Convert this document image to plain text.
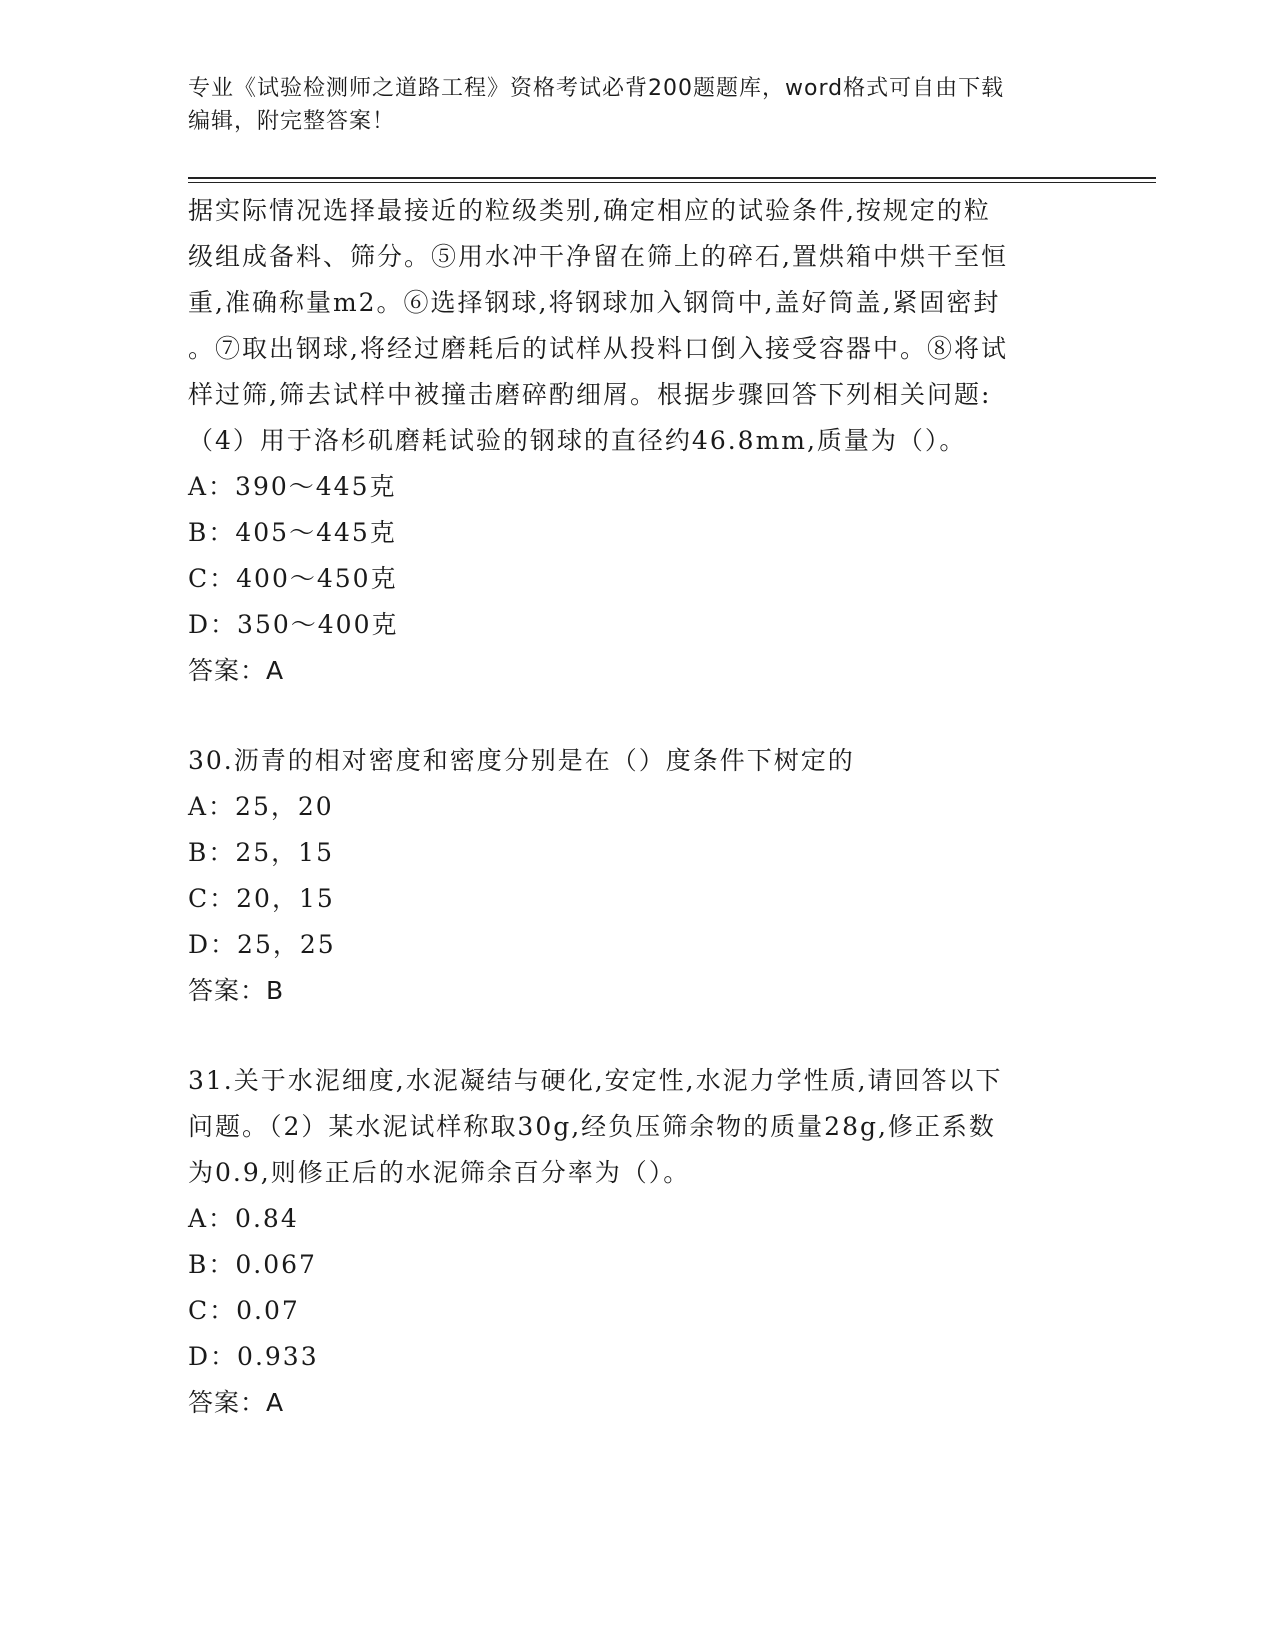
专业《试验检测师之道路工程》资格考试必背200题题库，word格式可自由下载
编辑，附完整答案！
据实际情况选择最接近的粒级类别,确定相应的试验条件,按规定的粒
级组成备料、筛分。⑤用水冲干净留在筛上的碎石,置烘箱中烘干至恒
重,准确称量m2。⑥选择钢球,将钢球加入钢筒中,盖好筒盖,紧固密封
。⑦取出钢球,将经过磨耗后的试样从投料口倒入接受容器中。⑧将试
样过筛,筛去试样中被撞击磨碎酌细屑。根据步骤回答下列相关问题:
（4）用于洛杉矶磨耗试验的钢球的直径约46.8mm,质量为（）。
A：390～445克
B：405～445克
C：400～450克
D：350～400克
答案：A
30.沥青的相对密度和密度分别是在（）度条件下树定的
A：25，20
B：25，15
C：20，15
D：25，25
答案：B
31.关于水泥细度,水泥凝结与硬化,安定性,水泥力学性质,请回答以下
问题。（2）某水泥试样称取30g,经负压筛余物的质量28g,修正系数
为0.9,则修正后的水泥筛余百分率为（）。
A：0.84
B：0.067
C：0.07
D：0.933
答案：A
